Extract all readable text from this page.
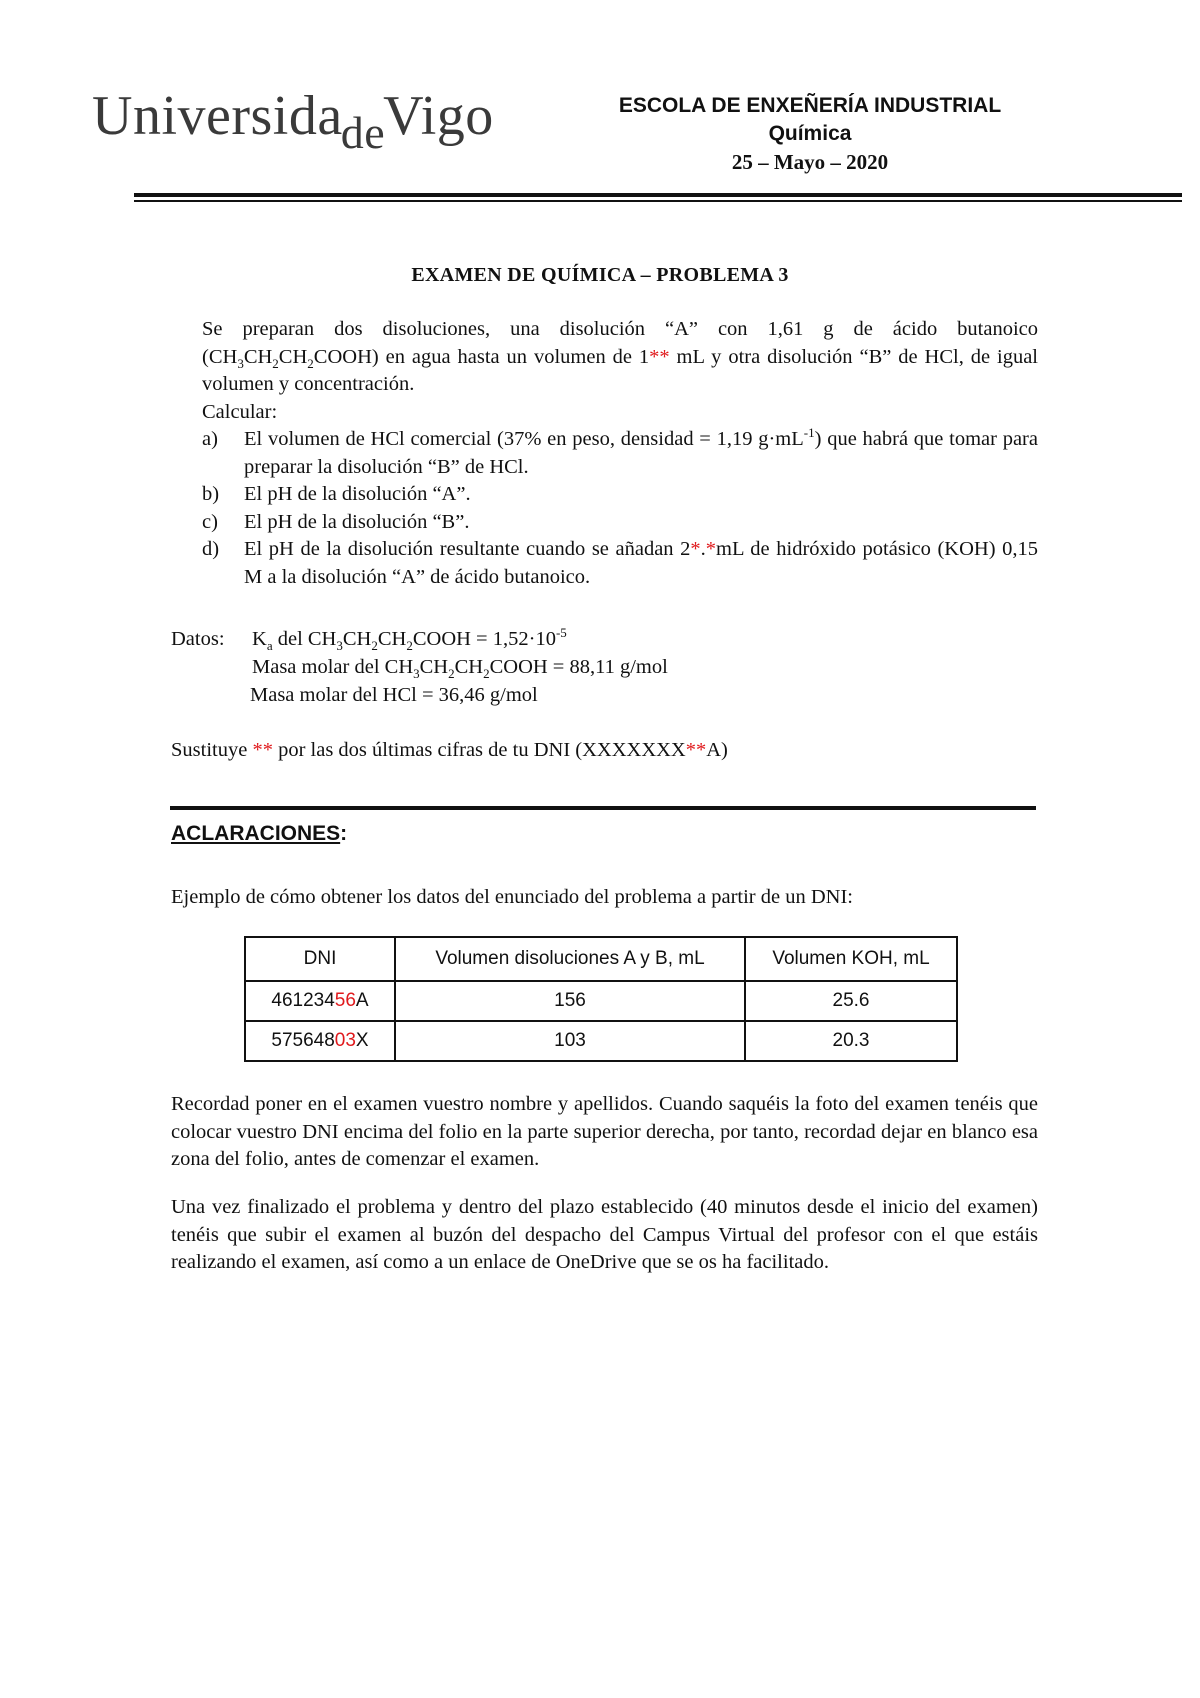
Universida$_{de}$Vigo	ESCOLA DE ENXEÑERÍA INDUSTRIAL
Química
25 – Mayo – 2020
EXAMEN DE QUÍMICA – PROBLEMA 3
Se preparan dos disoluciones, una disolución “A” con 1,61 g de ácido butanoico $(CH_3CH_2CH_2COOH)$ en agua hasta un volumen de 1** mL y otra disolución “B” de HCl, de igual volumen y concentración.
Calcular:
a) El volumen de HCl comercial (37% en peso, densidad = 1,19 $g\cdot mL^{-1}$) que habrá que tomar para preparar la disolución “B” de HCl.
b) El pH de la disolución “A”.
c) El pH de la disolución “B”.
d) El pH de la disolución resultante cuando se añadan 2*.*mL de hidróxido potásico (KOH) 0,15 M a la disolución “A” de ácido butanoico.
Datos: $K_a$ del $CH_3CH_2CH_2COOH = 1,52\cdot 10^{-5}$
Masa molar del $CH_3CH_2CH_2COOH = 88,11$ g/mol
Masa molar del HCl = 36,46 g/mol
Sustituye ** por las dos últimas cifras de tu DNI (XXXXXXX**A)
ACLARACIONES:
Ejemplo de cómo obtener los datos del enunciado del problema a partir de un DNI:
DNI	Volumen disoluciones A y B, mL	Volumen KOH, mL
46123456A	156	25.6
57564803X	103	20.3
Recordad poner en el examen vuestro nombre y apellidos. Cuando saquéis la foto del examen tenéis que colocar vuestro DNI encima del folio en la parte superior derecha, por tanto, recordad dejar en blanco esa zona del folio, antes de comenzar el examen.
Una vez finalizado el problema y dentro del plazo establecido (40 minutos desde el inicio del examen) tenéis que subir el examen al buzón del despacho del Campus Virtual del profesor con el que estáis realizando el examen, así como a un enlace de OneDrive que se os ha facilitado.
